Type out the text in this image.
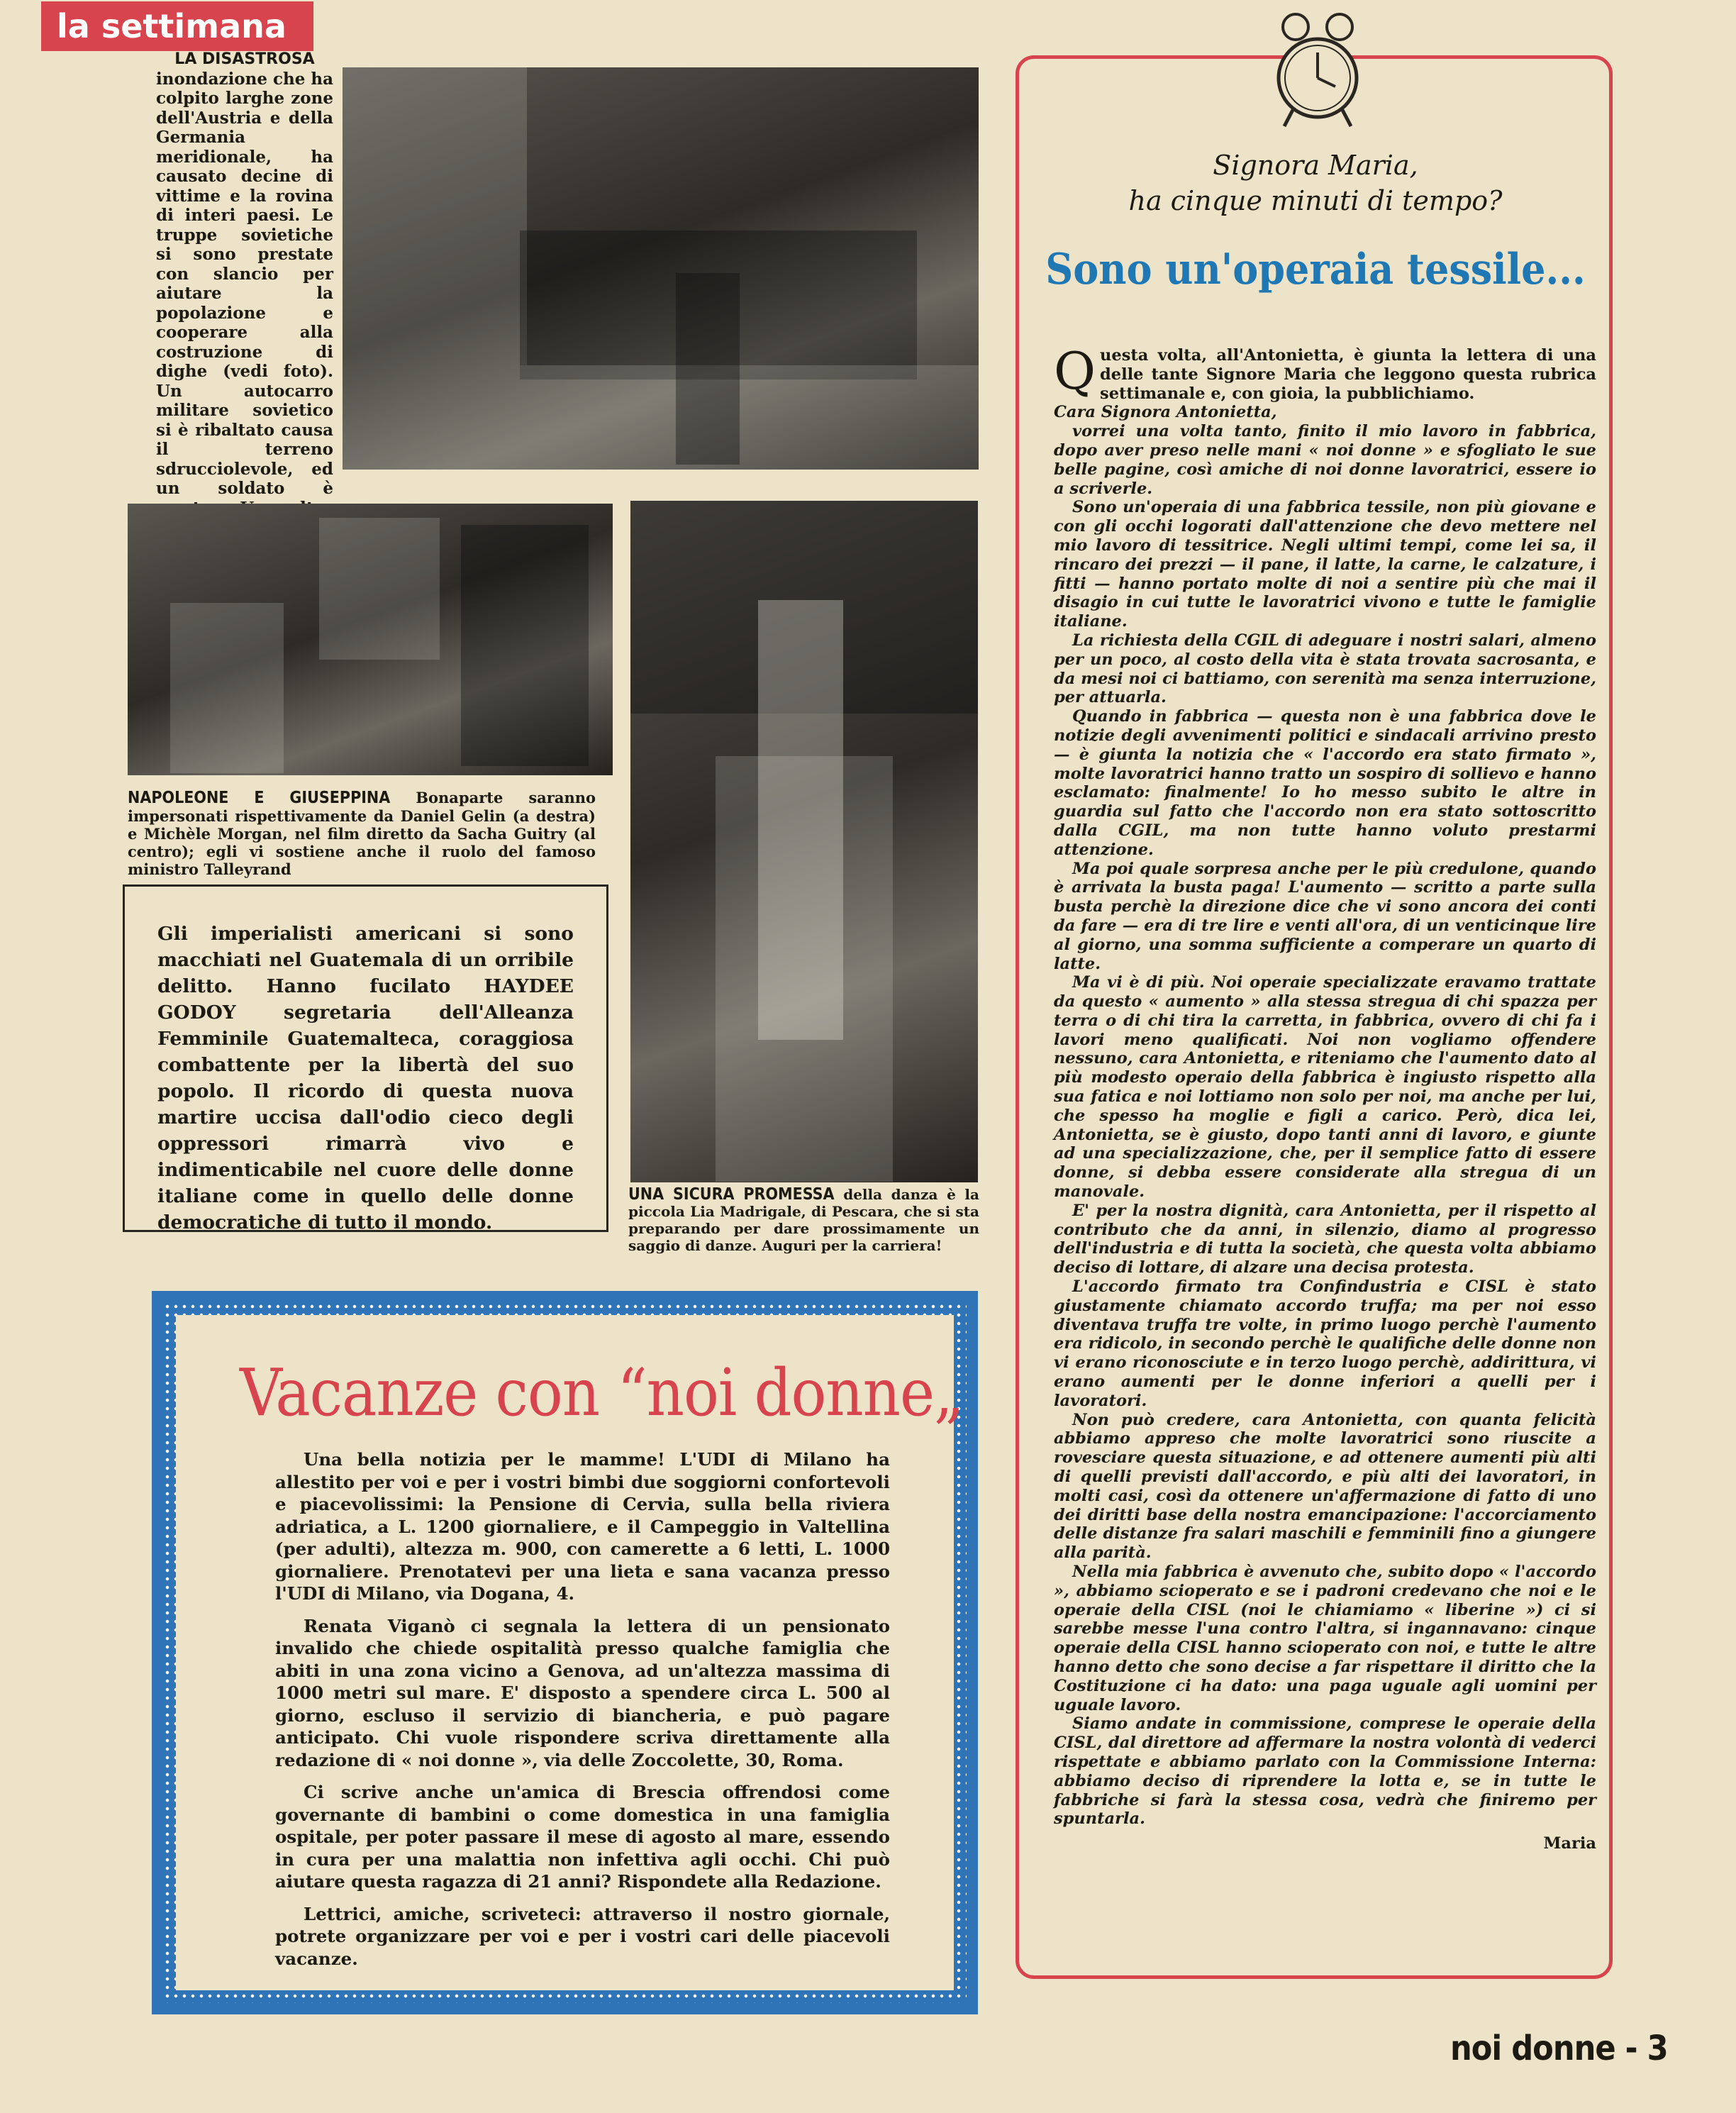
la settimana
LA DISASTROSA
inondazione che ha colpito larghe zone dell'Austria e della Germania meridionale, ha causato decine di vittime e la rovina di interi paesi. Le truppe sovietiche si sono prestate con slancio per aiutare la popolazione e cooperare alla costruzione di dighe (vedi foto). Un autocarro militare sovietico si è ribaltato causa il terreno sdrucciolevole, ed un soldato è
NAPOLEONE E GIUSEPPINA Bonaparte saranno impersonati rispettivamente da Daniel Gelin (a destra) e Michèle Morgan, nel film diretto da Sacha Guitry (al centro); egli vi sostiene anche il ruolo del famoso ministro Talleyrand
UNA SICURA PROMESSA della danza è la piccola Lia Madrigale, di Pescara, che si sta preparando per dare prossimamente un saggio di danze. Auguri per la carriera!
Gli imperialisti americani si sono macchiati nel Guatemala di un orribile delitto. Hanno fucilato HAYDEE GODOY segretaria dell'Alleanza Femminile Guatemalteca, coraggiosa combattente per la libertà del suo popolo. Il ricordo di questa nuova martire uccisa dall'odio cieco degli oppressori rimarrà vivo e indimenticabile nel cuore delle donne italiane come in quello delle donne democratiche di tutto il mondo.
Vacanze con “noi donne„

Una bella notizia per le mamme! L'UDI di Milano ha allestito per voi e per i vostri bimbi due soggiorni confortevoli e piacevolissimi: la Pensione di Cervia, sulla bella riviera adriatica, a L. 1200 giornaliere, e il Campeggio in Valtellina (per adulti), altezza m. 900, con camerette a 6 letti, L. 1000 giornaliere. Prenotatevi per una lieta e sana vacanza presso l'UDI di Milano, via Dogana, 4.

Renata Viganò ci segnala la lettera di un pensionato invalido che chiede ospitalità presso qualche famiglia che abiti in una zona vicino a Genova, ad un'altezza massima di 1000 metri sul mare. E' disposto a spendere circa L. 500 al giorno, escluso il servizio di biancheria, e può pagare anticipato. Chi vuole rispondere scriva direttamente alla redazione di « noi donne », via delle Zoccolette, 30, Roma.

Ci scrive anche un'amica di Brescia offrendosi come governante di bambini o come domestica in una famiglia ospitale, per poter passare il mese di agosto al mare, essendo in cura per una malattia non infettiva agli occhi. Chi può aiutare questa ragazza di 21 anni? Rispondete alla Redazione.

Lettrici, amiche, scriveteci: attraverso il nostro giornale, potrete organizzare per voi e per i vostri cari delle piacevoli vacanze.

Signora Maria,
ha cinque minuti di tempo?
Sono un'operaia tessile...

Questa volta, all'Antonietta, è giunta la lettera di una delle tante Signore Maria che leggono questa rubrica settimanale e, con gioia, la pubblichiamo.

Cara Signora Antonietta,

vorrei una volta tanto, finito il mio lavoro in fabbrica, dopo aver preso nelle mani « noi donne » e sfogliato le sue belle pagine, così amiche di noi donne lavoratrici, essere io a scriverle.

Sono un'operaia di una fabbrica tessile, non più giovane e con gli occhi logorati dall'attenzione che devo mettere nel mio lavoro di tessitrice. Negli ultimi tempi, come lei sa, il rincaro dei prezzi — il pane, il latte, la carne, le calzature, i fitti — hanno portato molte di noi a sentire più che mai il disagio in cui tutte le lavoratrici vivono e tutte le famiglie italiane.

La richiesta della CGIL di adeguare i nostri salari, almeno per un poco, al costo della vita è stata trovata sacrosanta, e da mesi noi ci battiamo, con serenità ma senza interruzione, per attuarla.

Quando in fabbrica — questa non è una fabbrica dove le notizie degli avvenimenti politici e sindacali arrivino presto — è giunta la notizia che « l'accordo era stato firmato », molte lavoratrici hanno tratto un sospiro di sollievo e hanno esclamato: finalmente! Io ho messo subito le altre in guardia sul fatto che l'accordo non era stato sottoscritto dalla CGIL, ma non tutte hanno voluto prestarmi attenzione.

Ma poi quale sorpresa anche per le più credulone, quando è arrivata la busta paga! L'aumento — scritto a parte sulla busta perchè la direzione dice che vi sono ancora dei conti da fare — era di tre lire e venti all'ora, di un venticinque lire al giorno, una somma sufficiente a comperare un quarto di latte.

Ma vi è di più. Noi operaie specializzate eravamo trattate da questo « aumento » alla stessa stregua di chi spazza per terra o di chi tira la carretta, in fabbrica, ovvero di chi fa i lavori meno qualificati. Noi non vogliamo offendere nessuno, cara Antonietta, e riteniamo che l'aumento dato al più modesto operaio della fabbrica è ingiusto rispetto alla sua fatica e noi lottiamo non solo per noi, ma anche per lui, che spesso ha moglie e figli a carico. Però, dica lei, Antonietta, se è giusto, dopo tanti anni di lavoro, e giunte ad una specializzazione, che, per il semplice fatto di essere donne, si debba essere considerate alla stregua di un manovale.

E' per la nostra dignità, cara Antonietta, per il rispetto al contributo che da anni, in silenzio, diamo al progresso dell'industria e di tutta la società, che questa volta abbiamo deciso di lottare, di alzare una decisa protesta.

L'accordo firmato tra Confindustria e CISL è stato giustamente chiamato accordo truffa; ma per noi esso diventava truffa tre volte, in primo luogo perchè l'aumento era ridicolo, in secondo perchè le qualifiche delle donne non vi erano riconosciute e in terzo luogo perchè, addirittura, vi erano aumenti per le donne inferiori a quelli per i lavoratori.

Non può credere, cara Antonietta, con quanta felicità abbiamo appreso che molte lavoratrici sono riuscite a rovesciare questa situazione, e ad ottenere aumenti più alti di quelli previsti dall'accordo, e più alti dei lavoratori, in molti casi, così da ottenere un'affermazione di fatto di uno dei diritti base della nostra emancipazione: l'accorciamento delle distanze fra salari maschili e femminili fino a giungere alla parità.

Nella mia fabbrica è avvenuto che, subito dopo « l'accordo », abbiamo scioperato e se i padroni credevano che noi e le operaie della CISL (noi le chiamiamo « liberine ») ci si sarebbe messe l'una contro l'altra, si ingannavano: cinque operaie della CISL hanno scioperato con noi, e tutte le altre hanno detto che sono decise a far rispettare il diritto che la Costituzione ci ha dato: una paga uguale agli uomini per uguale lavoro.

Siamo andate in commissione, comprese le operaie della CISL, dal direttore ad affermare la nostra volontà di vederci rispettate e abbiamo parlato con la Commissione Interna: abbiamo deciso di riprendere la lotta e, se in tutte le fabbriche si farà la stessa cosa, vedrà che finiremo per spuntarla.

Maria
noi donne - 3
